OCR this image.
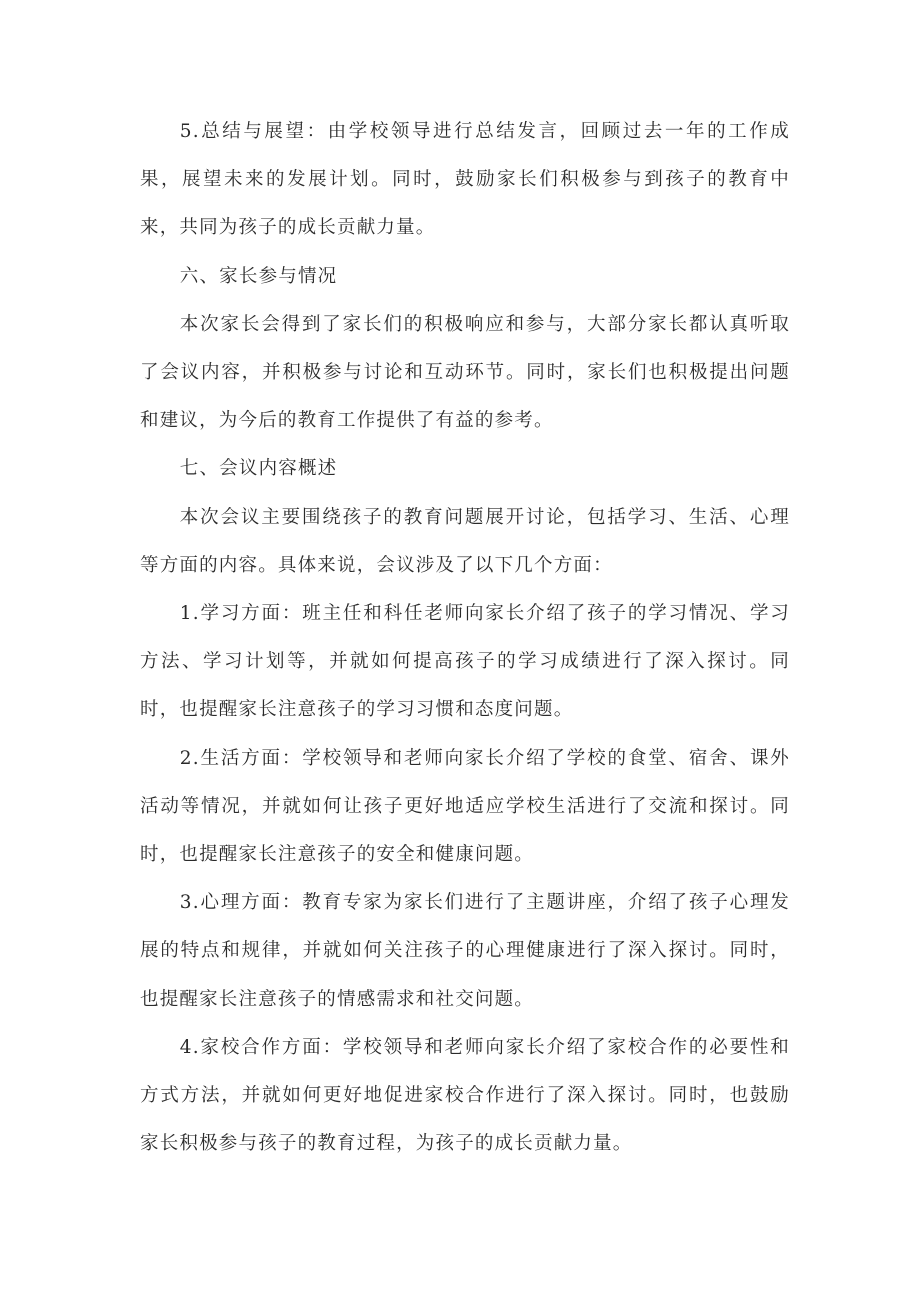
5.总结与展望：由学校领导进行总结发言，回顾过去一年的工作成果，展望未来的发展计划。同时，鼓励家长们积极参与到孩子的教育中来，共同为孩子的成长贡献力量。

六、家长参与情况

本次家长会得到了家长们的积极响应和参与，大部分家长都认真听取了会议内容，并积极参与讨论和互动环节。同时，家长们也积极提出问题和建议，为今后的教育工作提供了有益的参考。

七、会议内容概述

本次会议主要围绕孩子的教育问题展开讨论，包括学习、生活、心理等方面的内容。具体来说，会议涉及了以下几个方面：

1.学习方面：班主任和科任老师向家长介绍了孩子的学习情况、学习方法、学习计划等，并就如何提高孩子的学习成绩进行了深入探讨。同时，也提醒家长注意孩子的学习习惯和态度问题。

2.生活方面：学校领导和老师向家长介绍了学校的食堂、宿舍、课外活动等情况，并就如何让孩子更好地适应学校生活进行了交流和探讨。同时，也提醒家长注意孩子的安全和健康问题。

3.心理方面：教育专家为家长们进行了主题讲座，介绍了孩子心理发展的特点和规律，并就如何关注孩子的心理健康进行了深入探讨。同时，也提醒家长注意孩子的情感需求和社交问题。

4.家校合作方面：学校领导和老师向家长介绍了家校合作的必要性和方式方法，并就如何更好地促进家校合作进行了深入探讨。同时，也鼓励家长积极参与孩子的教育过程，为孩子的成长贡献力量。
